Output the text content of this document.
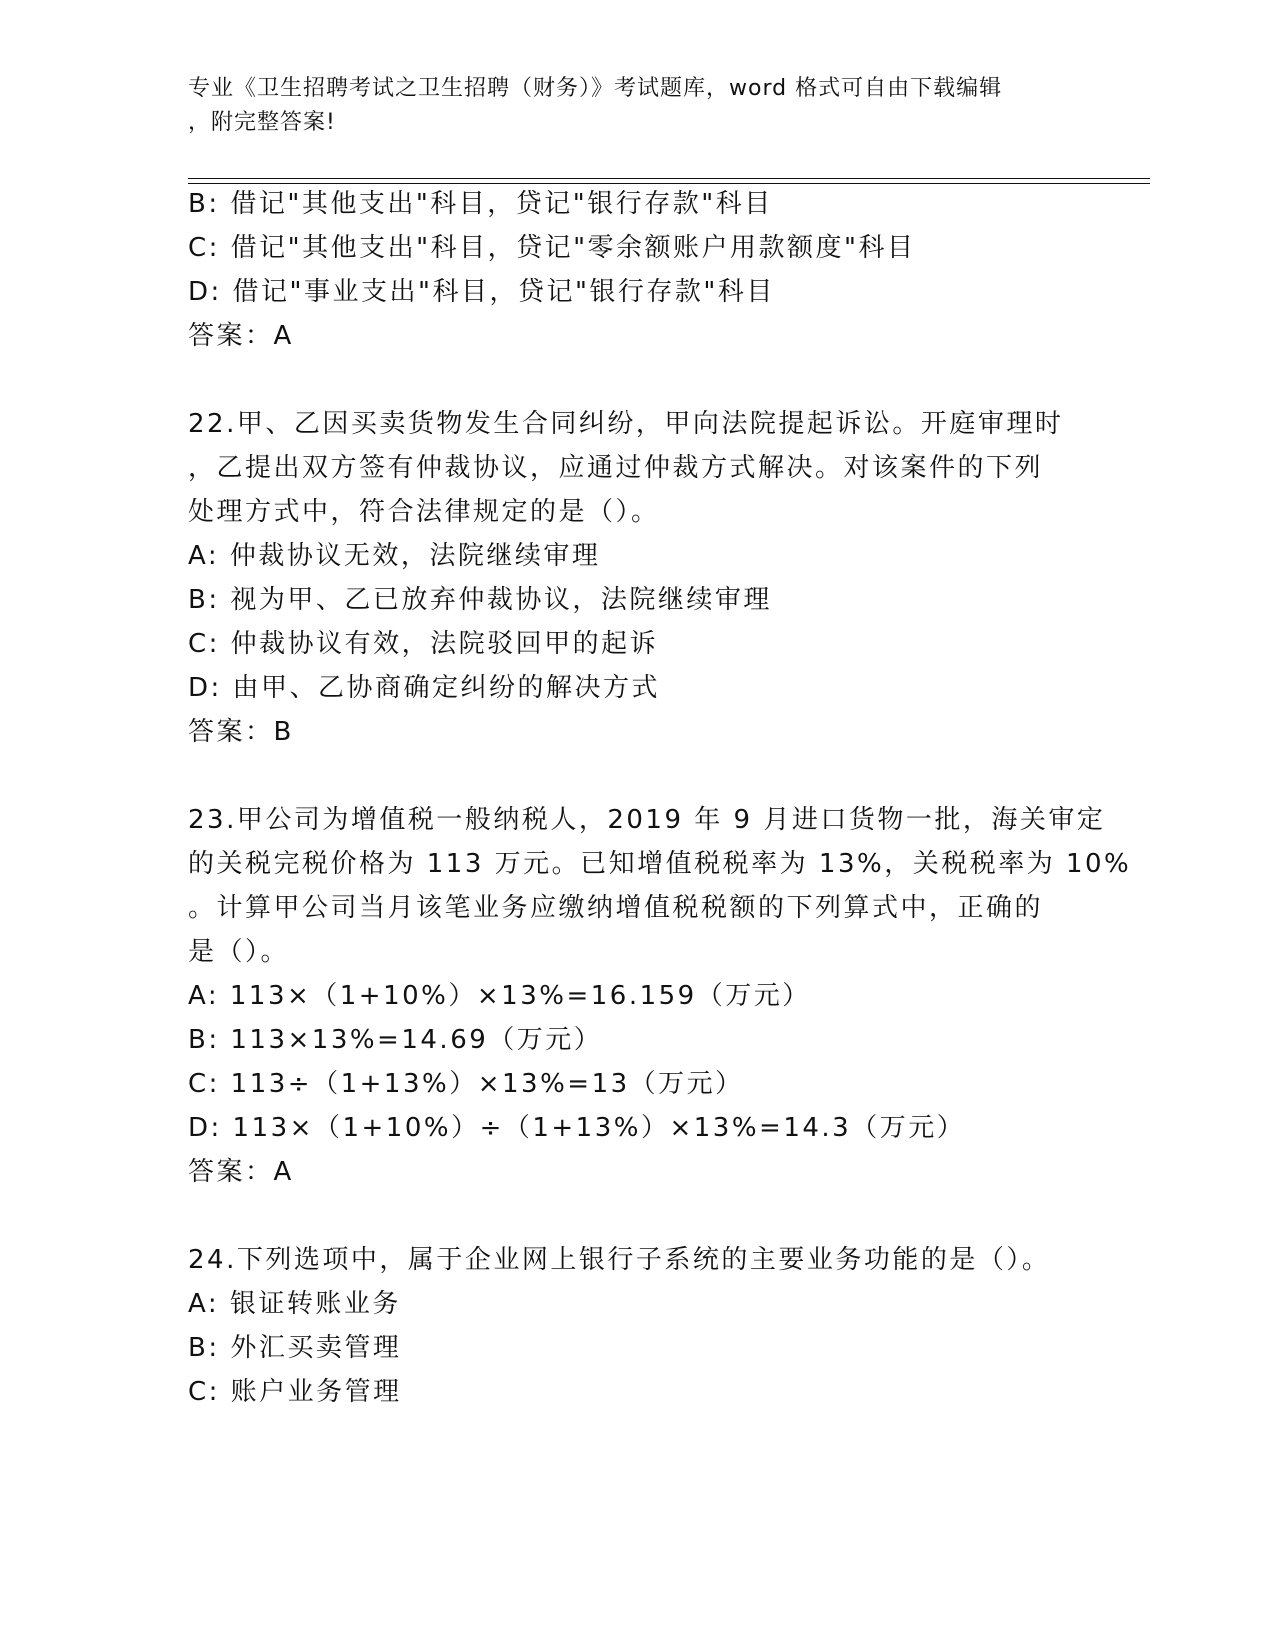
专业《卫生招聘考试之卫生招聘（财务）》考试题库，word 格式可自由下载编辑
，附完整答案!
B: 借记"其他支出"科目，贷记"银行存款"科目
C: 借记"其他支出"科目，贷记"零余额账户用款额度"科目
D: 借记"事业支出"科目，贷记"银行存款"科目
答案：A
22.甲、乙因买卖货物发生合同纠纷，甲向法院提起诉讼。开庭审理时
，乙提出双方签有仲裁协议，应通过仲裁方式解决。对该案件的下列
处理方式中，符合法律规定的是（）。
A: 仲裁协议无效，法院继续审理
B: 视为甲、乙已放弃仲裁协议，法院继续审理
C: 仲裁协议有效，法院驳回甲的起诉
D: 由甲、乙协商确定纠纷的解决方式
答案：B
23.甲公司为增值税一般纳税人，2019 年 9 月进口货物一批，海关审定
的关税完税价格为 113 万元。已知增值税税率为 13%，关税税率为 10%
。计算甲公司当月该笔业务应缴纳增值税税额的下列算式中，正确的
是（）。
A: 113×（1+10%）×13%=16.159（万元）
B: 113×13%=14.69（万元）
C: 113÷（1+13%）×13%=13（万元）
D: 113×（1+10%）÷（1+13%）×13%=14.3（万元）
答案：A
24.下列选项中，属于企业网上银行子系统的主要业务功能的是（）。
A: 银证转账业务
B: 外汇买卖管理
C: 账户业务管理
